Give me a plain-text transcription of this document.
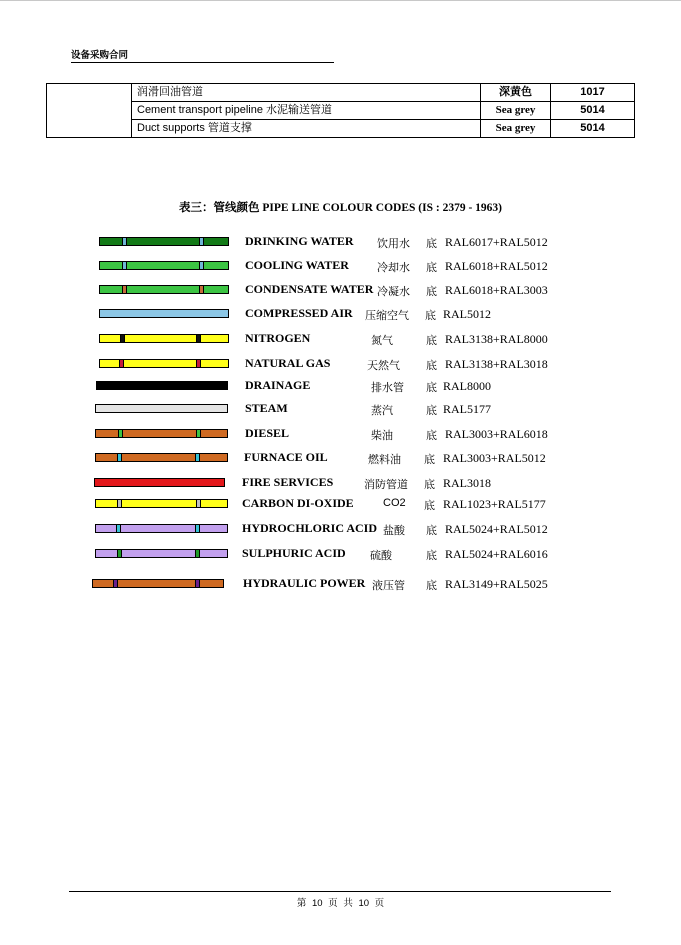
设备采购合同
	润滑回油管道	深黄色	1017
	Cement transport pipeline 水泥输送管道	Sea grey	5014
	Duct supports 管道支撑	Sea grey	5014
表三：管线颜色 PIPE LINE COLOUR CODES (IS : 2379 - 1963)
DRINKING WATER 饮用水 底 RAL6017+RAL5012
COOLING WATER	冷却水 底 RAL6018+RAL5012
CONDENSATE WATER 冷凝水 底 RAL6018+RAL3003
COMPRESSED AIR 压缩空气 底 RAL5012
NITROGEN	氮气	底 RAL3138+RAL8000
NATURAL GAS	天然气 底 RAL3138+RAL3018
DRAINAGE	排水管 底 RAL8000
STEAM	蒸汽	底 RAL5177
DIESEL	柴油	底 RAL3003+RAL6018
FURNACE OIL	燃料油 底 RAL3003+RAL5012
FIRE SERVICES	消防管道 底 RAL3018
CARBON DI-OXIDE	CO2 底 RAL1023+RAL5177
HYDROCHLORIC ACID 盐酸 底 RAL5024+RAL5012
SULPHURIC ACID 硫酸	底 RAL5024+RAL6016
HYDRAULIC POWER 液压管 底 RAL3149+RAL5025
第 10 页 共 10 页
